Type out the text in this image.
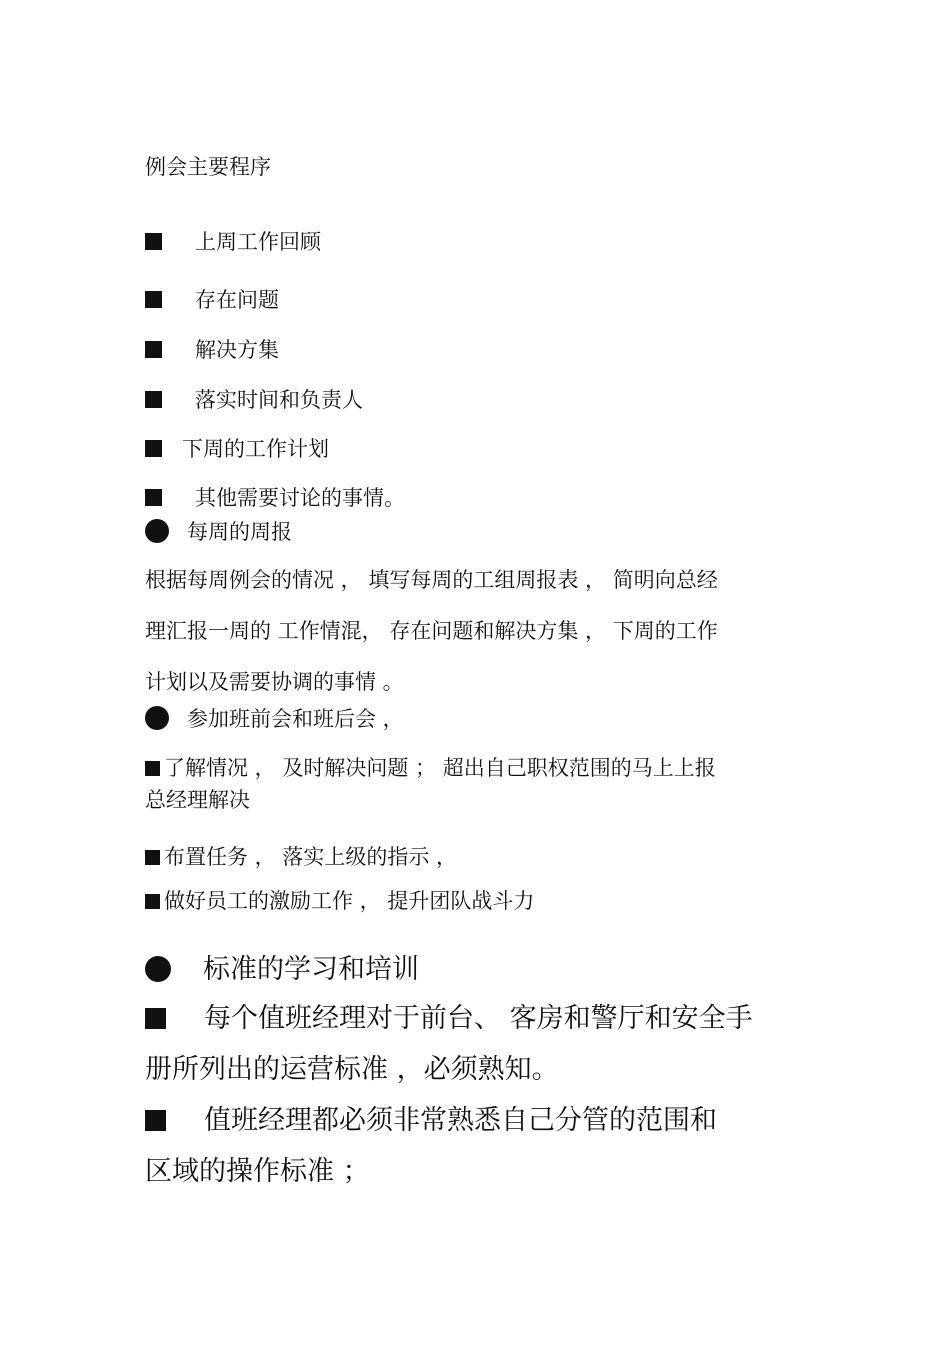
例会主要程序
上周工作回顾
存在问题
解决方集
落实时间和负责人
下周的工作计划
其他需要讨论的事情。
每周的周报
根据每周例会的情况 ， 填写每周的工组周报表 ， 简明向总经
理汇报一周的 工作情混， 存在问题和解决方集 ， 下周的工作
计划以及需要协调的事情 。
参加班前会和班后会 ，
了解情况 ， 及时解决问题 ； 超出自己职权范围的马上上报
总经理解决
布置任务 ， 落实上级的指示 ，
做好员工的激励工作 ， 提升团队战斗力
标准的学习和培训
每个值班经理对于前台、 客房和警厅和安全手
册所列出的运营标准 ，必须熟知。
值班经理都必须非常熟悉自己分管的范围和
区域的操作标准 ；
